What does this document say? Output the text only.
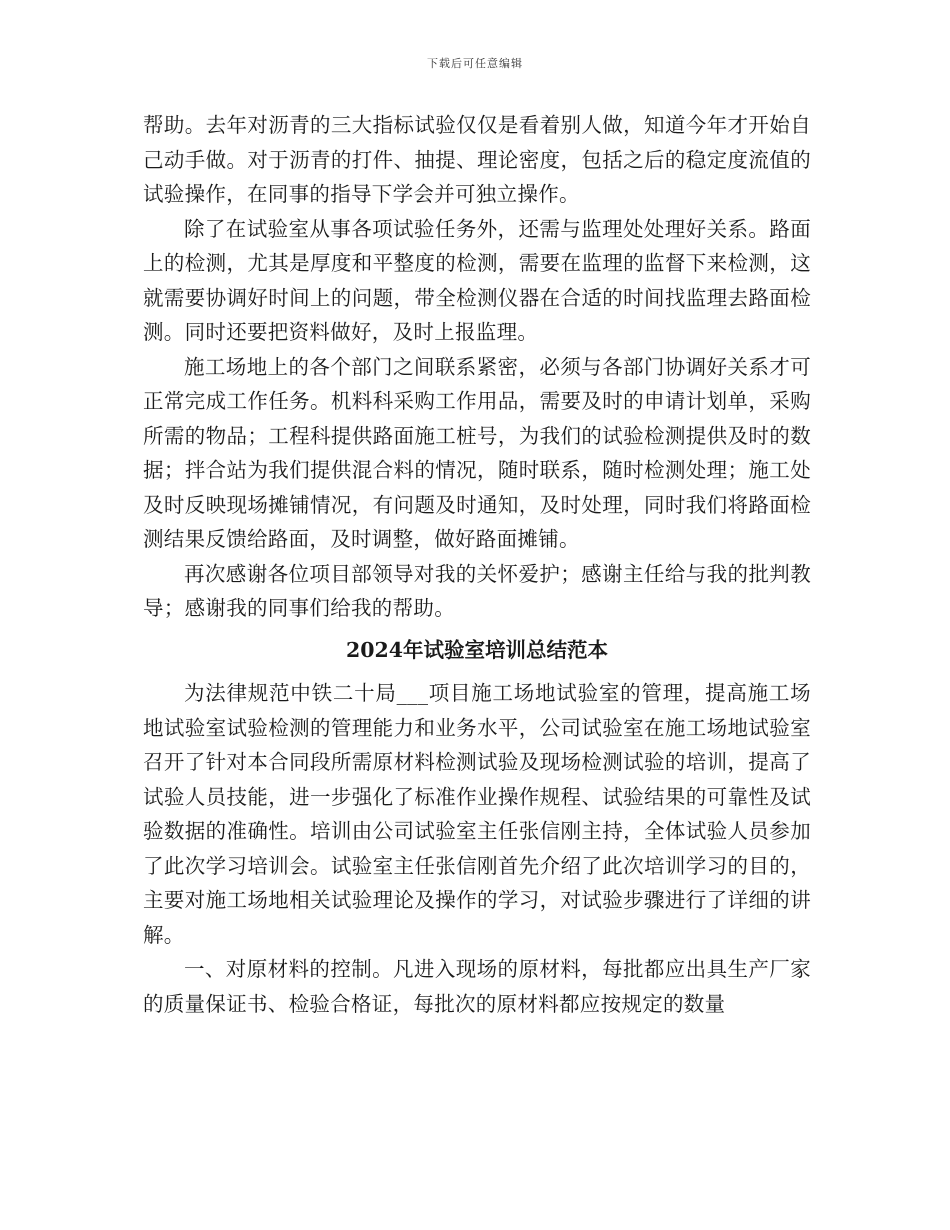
下载后可任意编辑

帮助。去年对沥青的三大指标试验仅仅是看着别人做，知道今年才开始自己动手做。对于沥青的打件、抽提、理论密度，包括之后的稳定度流值的试验操作，在同事的指导下学会并可独立操作。

除了在试验室从事各项试验任务外，还需与监理处处理好关系。路面上的检测，尤其是厚度和平整度的检测，需要在监理的监督下来检测，这就需要协调好时间上的问题，带全检测仪器在合适的时间找监理去路面检测。同时还要把资料做好，及时上报监理。

施工场地上的各个部门之间联系紧密，必须与各部门协调好关系才可正常完成工作任务。机料科采购工作用品，需要及时的申请计划单，采购所需的物品；工程科提供路面施工桩号，为我们的试验检测提供及时的数据；拌合站为我们提供混合料的情况，随时联系，随时检测处理；施工处及时反映现场摊铺情况，有问题及时通知，及时处理，同时我们将路面检测结果反馈给路面，及时调整，做好路面摊铺。

再次感谢各位项目部领导对我的关怀爱护；感谢主任给与我的批判教导；感谢我的同事们给我的帮助。

2024年试验室培训总结范本

为法律规范中铁二十局___项目施工场地试验室的管理，提高施工场地试验室试验检测的管理能力和业务水平，公司试验室在施工场地试验室召开了针对本合同段所需原材料检测试验及现场检测试验的培训，提高了试验人员技能，进一步强化了标准作业操作规程、试验结果的可靠性及试验数据的准确性。培训由公司试验室主任张信刚主持，全体试验人员参加了此次学习培训会。试验室主任张信刚首先介绍了此次培训学习的目的，主要对施工场地相关试验理论及操作的学习，对试验步骤进行了详细的讲解。

一、对原材料的控制。凡进入现场的原材料，每批都应出具生产厂家的质量保证书、检验合格证，每批次的原材料都应按规定的数量
